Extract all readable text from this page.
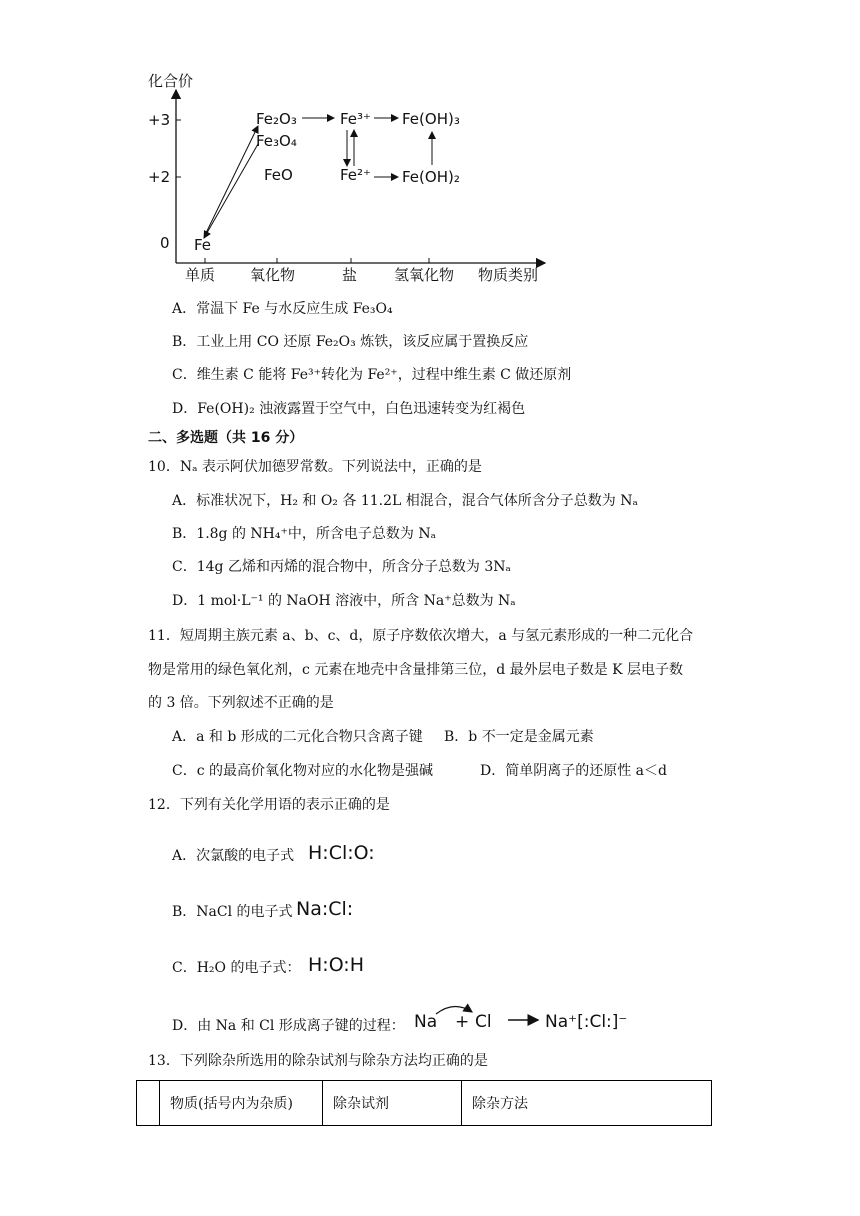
化合价
+3
+2
0
单质 氧化物	盐 氢氧化物 物质类别
Fe
Fe₂O₃
Fe₃O₄
FeO
Fe³⁺
Fe²⁺
Fe(OH)₃
Fe(OH)₂
A．常温下 Fe 与水反应生成 Fe₃O₄
B．工业上用 CO 还原 Fe₂O₃ 炼铁，该反应属于置换反应
C．维生素 C 能将 Fe³⁺转化为 Fe²⁺，过程中维生素 C 做还原剂
D．Fe(OH)₂ 浊液露置于空气中，白色迅速转变为红褐色
二、多选题（共 16 分）
10．Nₐ 表示阿伏加德罗常数。下列说法中，正确的是
A．标准状况下，H₂ 和 O₂ 各 11.2L 相混合，混合气体所含分子总数为 Nₐ
B．1.8g 的 NH₄⁺中，所含电子总数为 Nₐ
C．14g 乙烯和丙烯的混合物中，所含分子总数为 3Nₐ
D．1 mol·L⁻¹ 的 NaOH 溶液中，所含 Na⁺总数为 Nₐ
11．短周期主族元素 a、b、c、d，原子序数依次增大，a 与氢元素形成的一种二元化合
物是常用的绿色氧化剂，c 元素在地壳中含量排第三位，d 最外层电子数是 K 层电子数
的 3 倍。下列叙述不正确的是
A．a 和 b 形成的二元化合物只含离子键 B．b 不一定是金属元素
C．c 的最高价氧化物对应的水化物是强碱	D．简单阴离子的还原性 a＜d
12．下列有关化学用语的表示正确的是
A．次氯酸的电子式 H:Cl:O:
B．NaCl 的电子式 Na:Cl:
C．H₂O 的电子式： H:O:H
D．由 Na 和 Cl 形成离子键的过程： Na + Cl	Na⁺[:Cl:]⁻
13．下列除杂所选用的除杂试剂与除杂方法均正确的是
	物质(括号内为杂质)	除杂试剂	除杂方法
